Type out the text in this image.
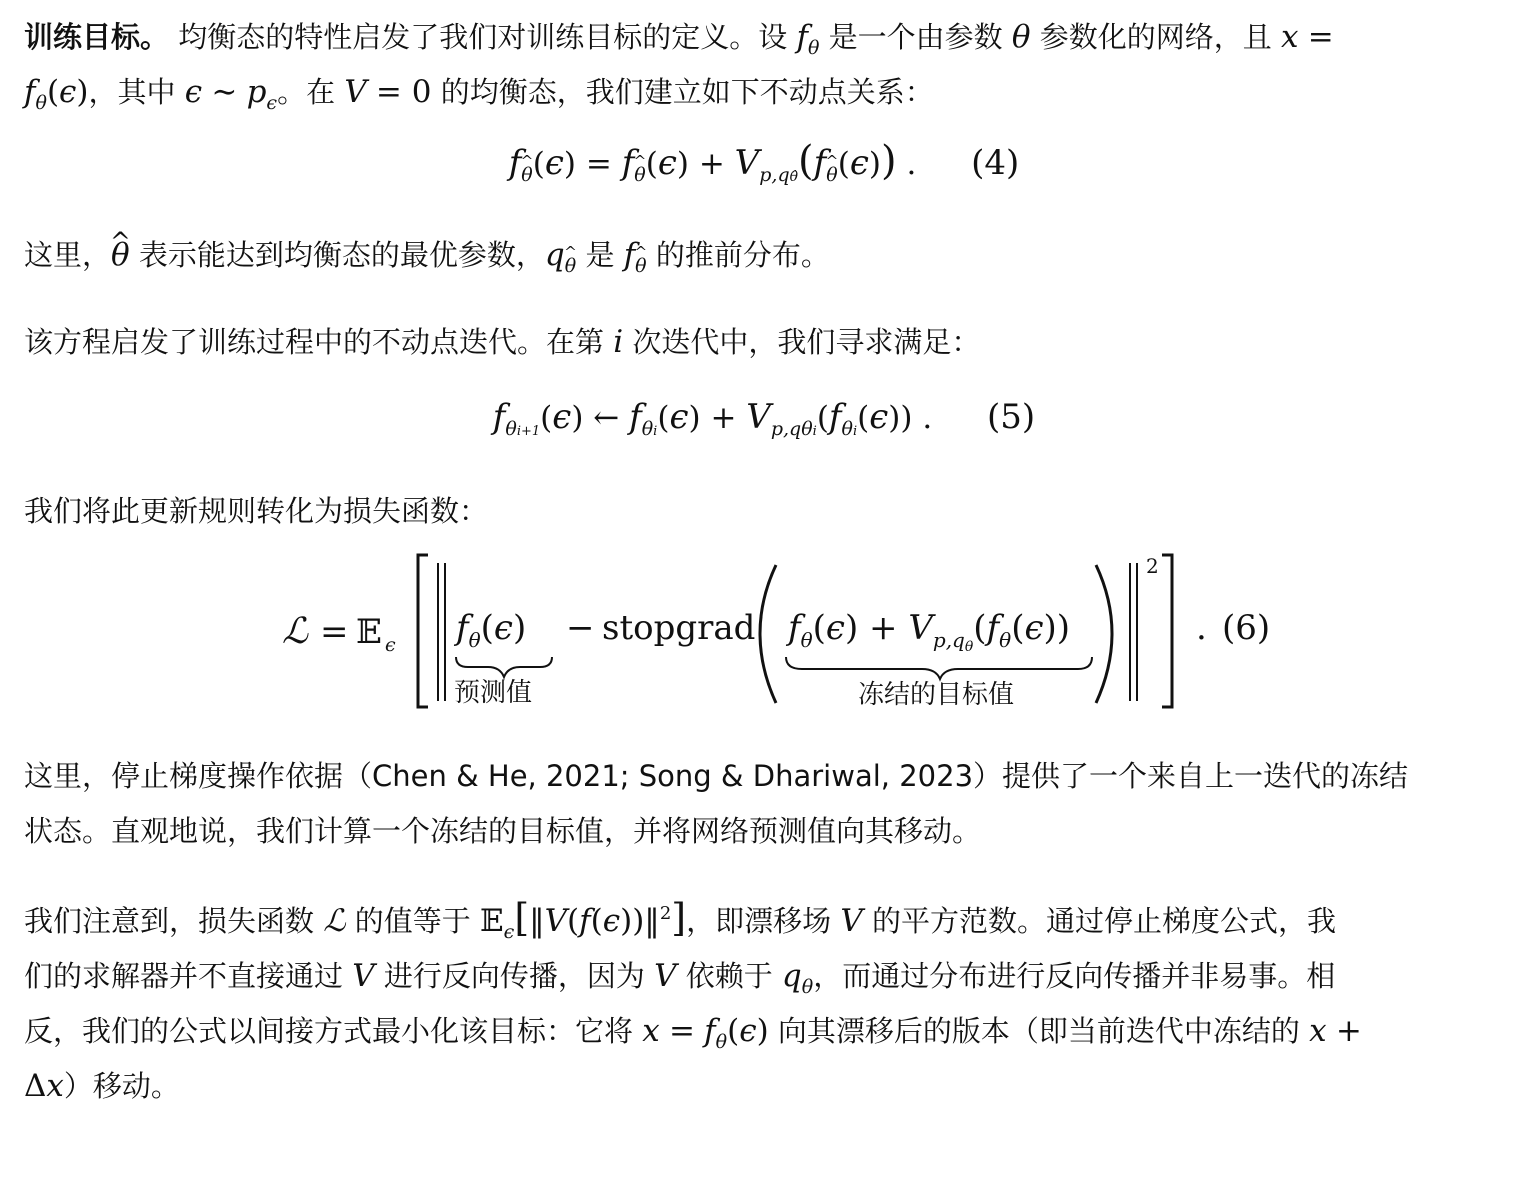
训练目标。 均衡态的特性启发了我们对训练目标的定义。设 $f_\theta$ 是一个由参数 θ 参数化的网络，且 x =
$f_\theta(\epsilon)$，其中 ϵ ∼ $p_\epsilon$。在 V = 0 的均衡态，我们建立如下不动点关系：

$f_\theta(\epsilon) = f_\theta(\epsilon) + V_{p,q\thetâ}(f_\theta(\epsilon))$ . (4)

这里，^ θ 表示能达到均衡态的最优参数，$q_\theta$ 是 $f_\theta$ 的推前分布。

该方程启发了训练过程中的不动点迭代。在第 i 次迭代中，我们寻求满足：

$f_{\theta i+1}(\epsilon)$ ← $f_{\theta i}(\epsilon) + V_{p,q\theta i}(f_{\theta i}(\epsilon))$ . (5)

我们将此更新规则转化为损失函数：

ℒ = 𝔼 ϵ $f_\theta(\epsilon)$
预测值
− stopgrad $f_\theta(\epsilon) + V_{p,q}\theta(f_\theta(\epsilon))$
冻结的目标值
2
. (6)

这里，停止梯度操作依据（Chen & He, 2021; Song & Dhariwal, 2023）提供了一个来自上一迭代的冻结
状态。直观地说，我们计算一个冻结的目标值，并将网络预测值向其移动。

我们注意到，损失函数 ℒ 的值等于 𝔼$_\epsilon$[‖V(f(ϵ))‖$^2$]，即漂移场 V 的平方范数。通过停止梯度公式，我
们的求解器并不直接通过 V 进行反向传播，因为 V 依赖于 $q_\theta$，而通过分布进行反向传播并非易事。相
反，我们的公式以间接方式最小化该目标：它将 $x = f_\theta(\epsilon)$ 向其漂移后的版本（即当前迭代中冻结的 x +
Δx）移动。
